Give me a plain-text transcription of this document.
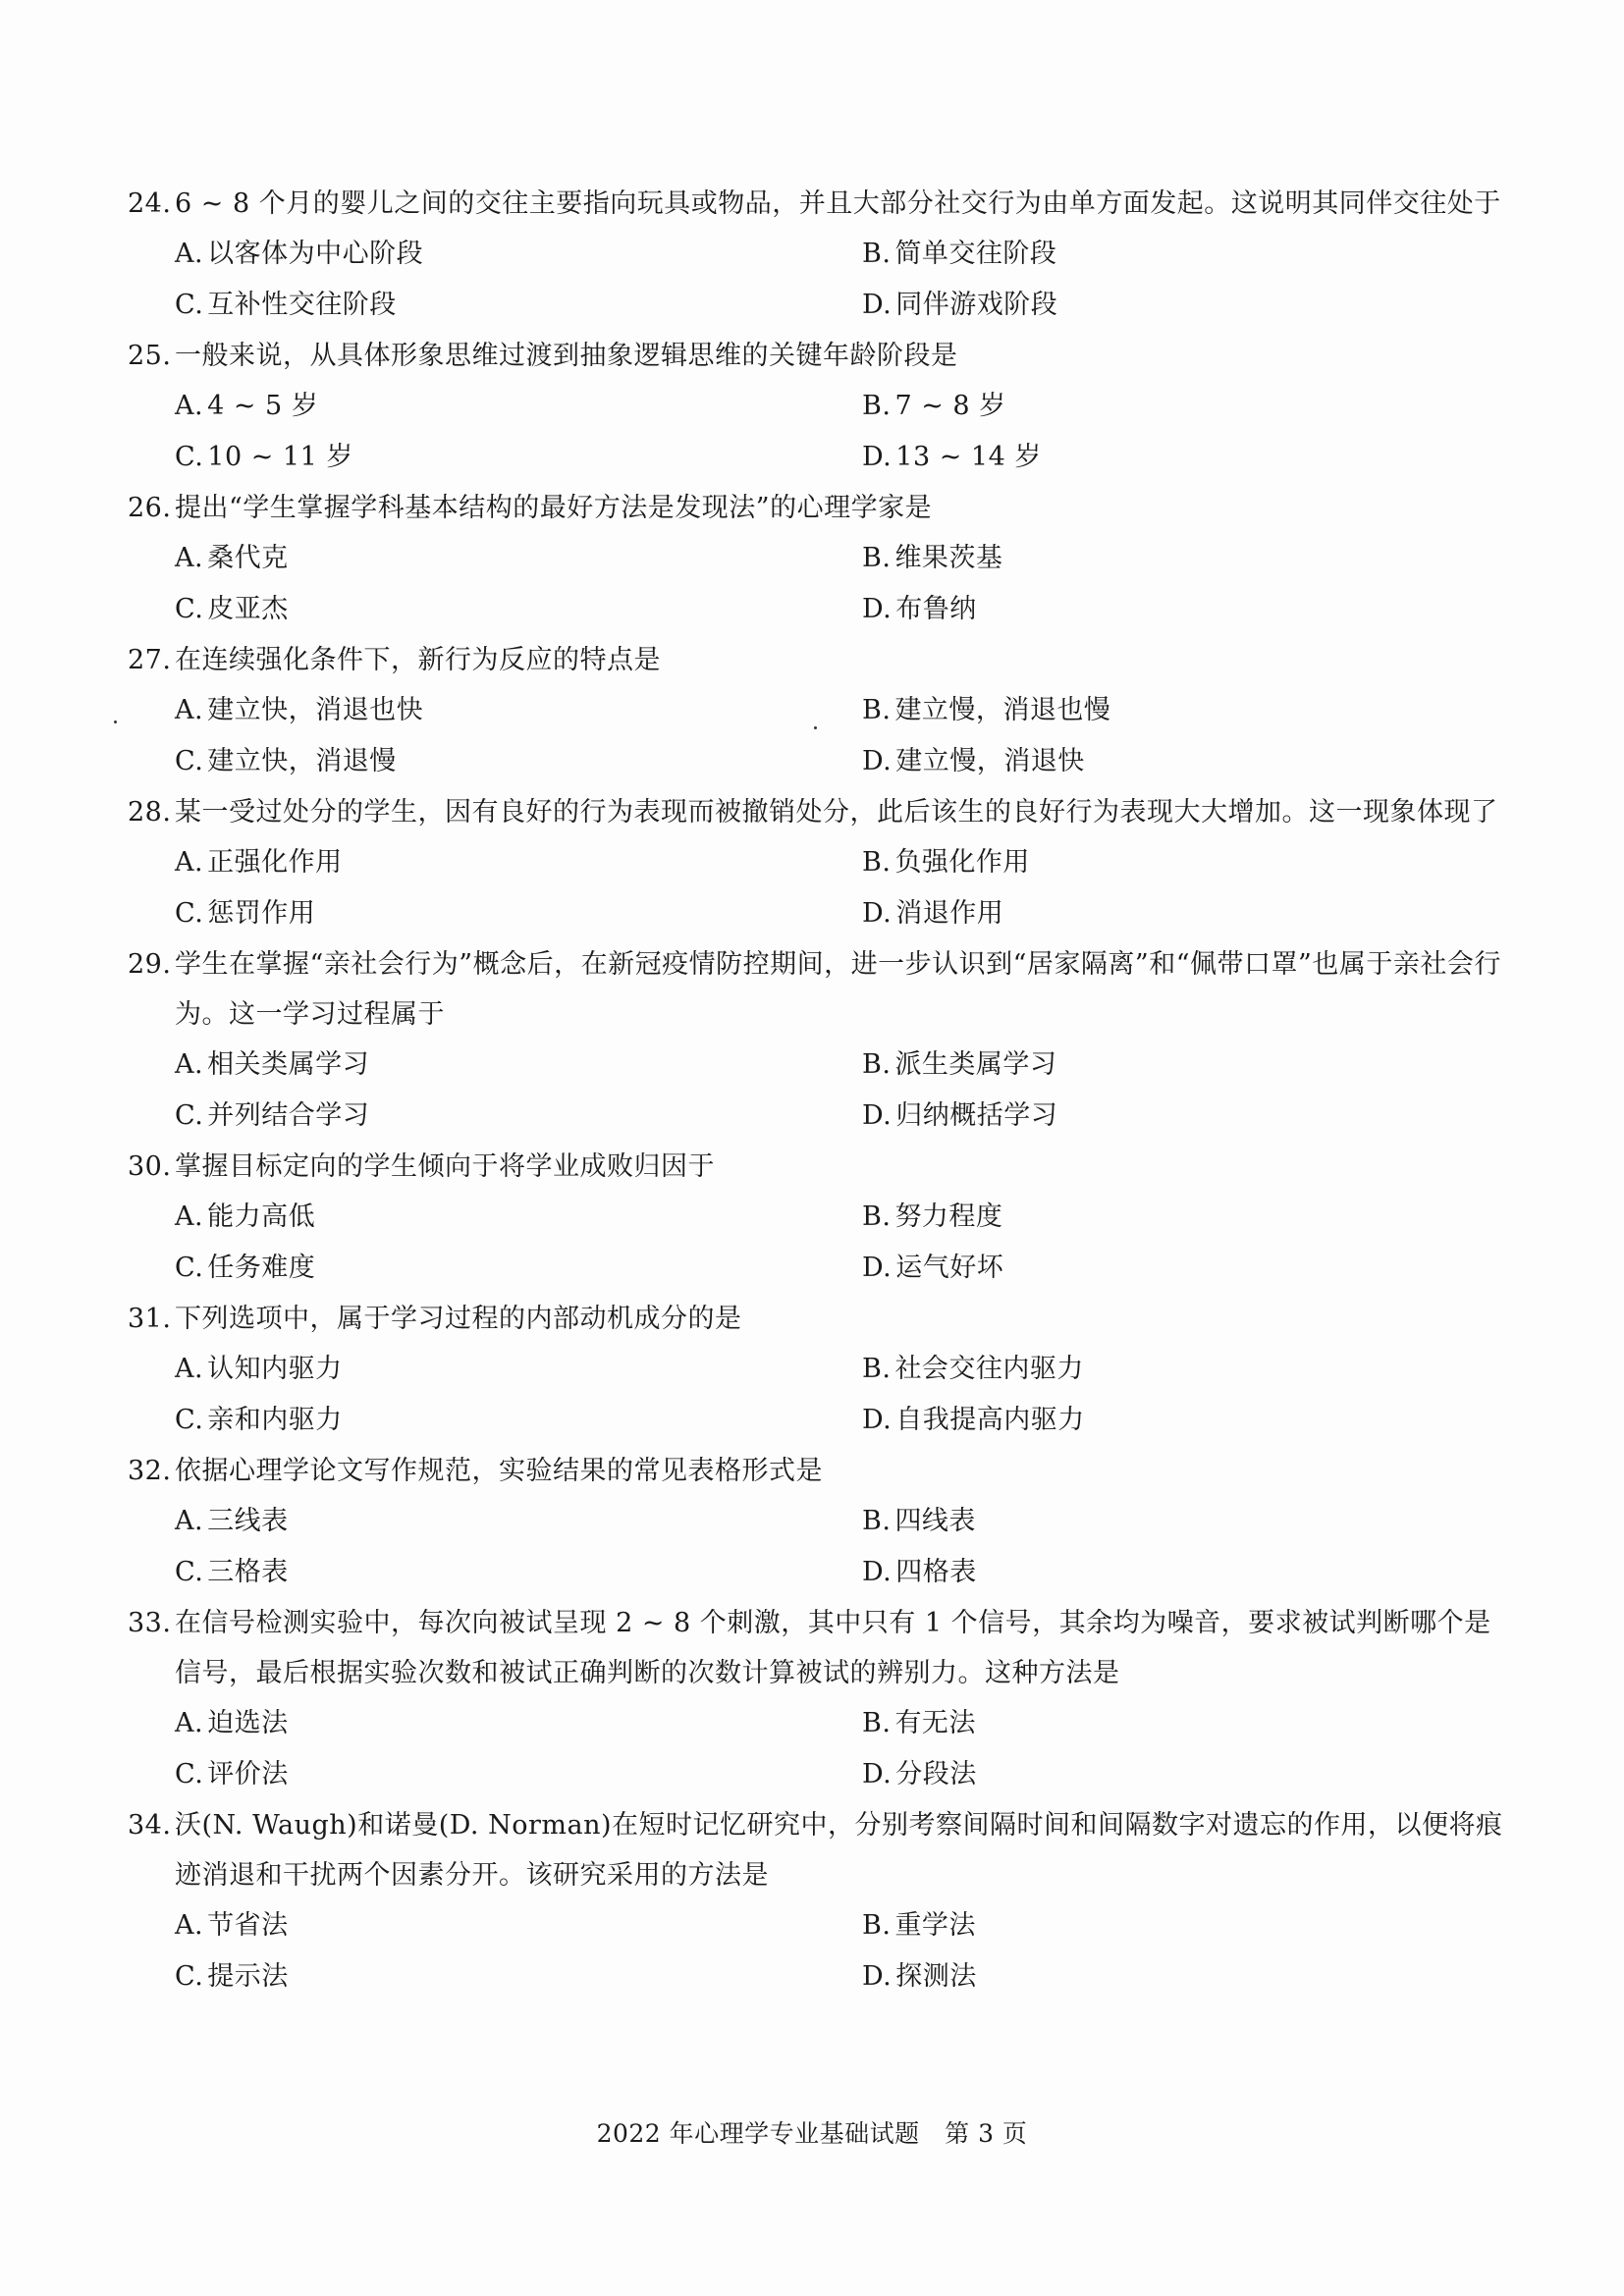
24. 6 ~ 8 个月的婴儿之间的交往主要指向玩具或物品，并且大部分社交行为由单方面发起。这说明其同伴交往处于
A. 以客体为中心阶段	B. 简单交往阶段
C. 互补性交往阶段	D. 同伴游戏阶段
25. 一般来说，从具体形象思维过渡到抽象逻辑思维的关键年龄阶段是
A. 4 ~ 5 岁	B. 7 ~ 8 岁
C. 10 ~ 11 岁	D. 13 ~ 14 岁
26. 提出“学生掌握学科基本结构的最好方法是发现法”的心理学家是
A. 桑代克	B. 维果茨基
C. 皮亚杰	D. 布鲁纳
27. 在连续强化条件下，新行为反应的特点是
A. 建立快，消退也快	B. 建立慢，消退也慢
C. 建立快，消退慢	D. 建立慢，消退快
28. 某一受过处分的学生，因有良好的行为表现而被撤销处分，此后该生的良好行为表现大大增加。这一现象体现了
A. 正强化作用	B. 负强化作用
C. 惩罚作用	D. 消退作用
29. 学生在掌握“亲社会行为”概念后，在新冠疫情防控期间，进一步认识到“居家隔离”和“佩带口罩”也属于亲社会行为。这一学习过程属于
A. 相关类属学习	B. 派生类属学习
C. 并列结合学习	D. 归纳概括学习
30. 掌握目标定向的学生倾向于将学业成败归因于
A. 能力高低	B. 努力程度
C. 任务难度	D. 运气好坏
31. 下列选项中，属于学习过程的内部动机成分的是
A. 认知内驱力	B. 社会交往内驱力
C. 亲和内驱力	D. 自我提高内驱力
32. 依据心理学论文写作规范，实验结果的常见表格形式是
A. 三线表	B. 四线表
C. 三格表	D. 四格表
33. 在信号检测实验中，每次向被试呈现 2 ~ 8 个刺激，其中只有 1 个信号，其余均为噪音，要求被试判断哪个是信号，最后根据实验次数和被试正确判断的次数计算被试的辨别力。这种方法是
A. 迫选法	B. 有无法
C. 评价法	D. 分段法
34. 沃(N. Waugh)和诺曼(D. Norman)在短时记忆研究中，分别考察间隔时间和间隔数字对遗忘的作用，以便将痕迹消退和干扰两个因素分开。该研究采用的方法是
A. 节省法	B. 重学法
C. 提示法	D. 探测法
2022 年心理学专业基础试题　第 3 页
